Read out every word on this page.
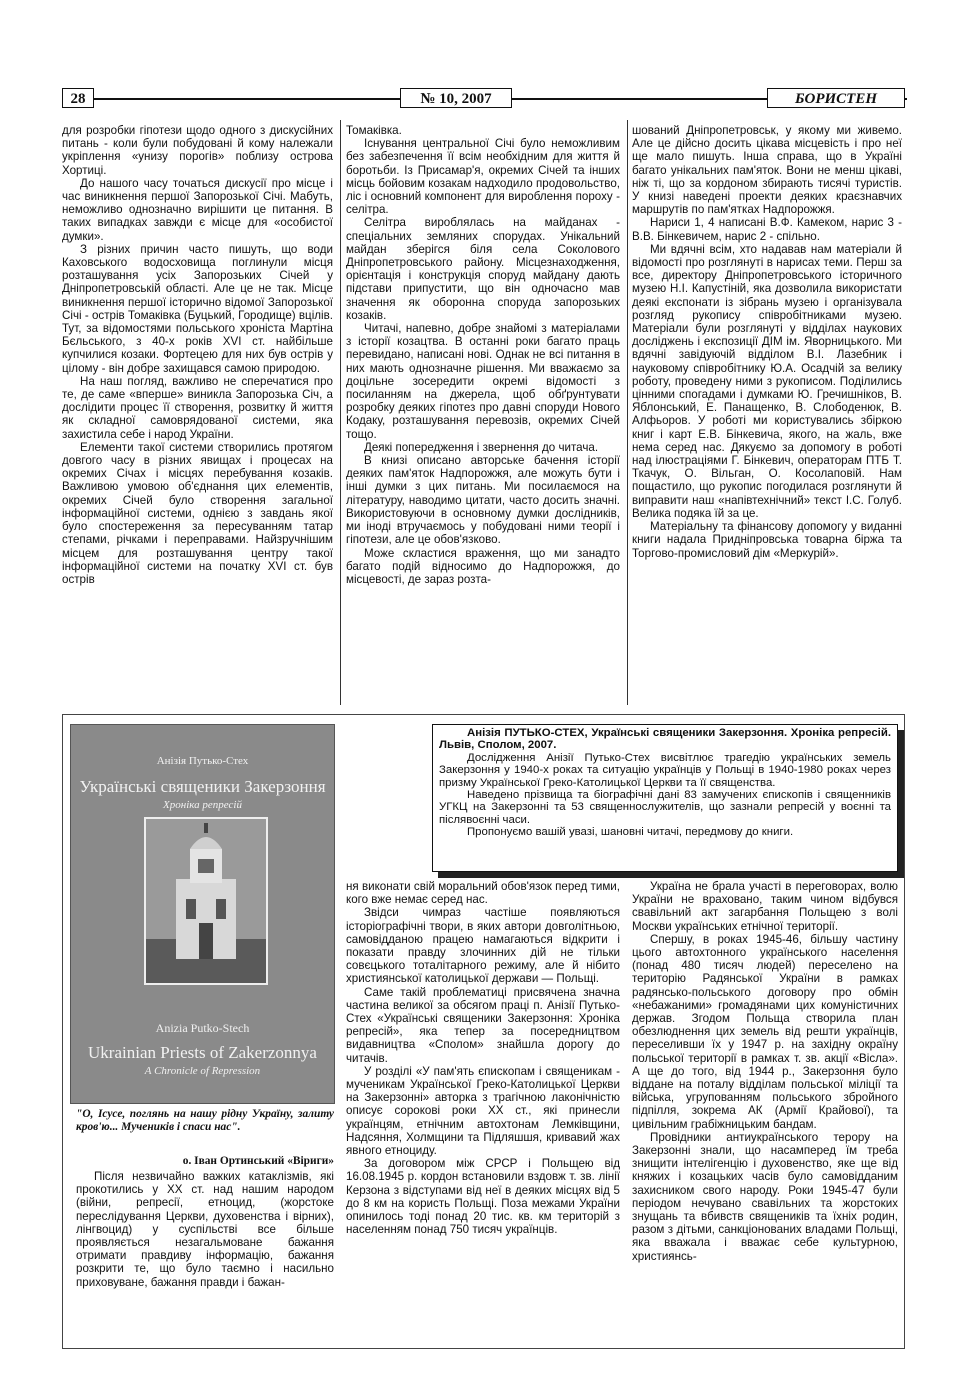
28	№ 10, 2007	БОРИСТЕН

для розробки гіпотези щодо одного з дискусійних питань - коли були побудовані й кому належали укріплення «унизу порогів» поблизу острова Хортиці.

До нашого часу точаться дискусії про місце і час виникнення першої Запорозької Січі. Мабуть, неможливо однозначно вирішити це питання. В таких випадках завжди є місце для «особистої думки».

З різних причин часто пишуть, що води Каховського водосховища поглинули місця розташування усіх Запорозьких Січей у Дніпропетровській області. Але це не так. Місце виникнення першої історично відомої Запорозької Січі - острів Томаківка (Буцький, Городище) вцілів. Тут, за відомостями польського хроніста Мартіна Бєльського, з 40-х років XVI ст. найбільше купчилися козаки. Фортецею для них був острів у цілому - він добре захищався самою природою.

На наш погляд, важливо не сперечатися про те, де саме «вперше» виникла Запорозька Січ, а дослідити процес її створення, розвитку й життя як складної самоврядованої системи, яка захистила себе і народ України.

Елементи такої системи створились протягом довгого часу в різних явищах і процесах на окремих Січах і місцях перебування козаків. Важливою умовою об'єднання цих елементів, окремих Січей було створення загальної інформаційної системи, однією з завдань якої було спостереження за пересуванням татар степами, річками і переправами. Найзручнішим місцем для розташування центру такої інформаційної системи на початку XVI ст. був острів

Томаківка.

Існування центральної Січі було неможливим без забезпечення її всім необхідним для життя й боротьби. Із Присамар'я, окремих Січей та інших місць бойовим козакам надходило продовольство, ліс і основний компонент для вироблення пороху - селітра.

Селітра вироблялась на майданах - спеціальних земляних спорудах. Унікальний майдан зберігся біля села Соколового Дніпропетровського району. Місцезнаходження, орієнтація і конструкція споруд майдану дають підстави припустити, що він одночасно мав значення як оборонна споруда запорозьких козаків.

Читачі, напевно, добре знайомі з матеріалами з історії козацтва. В останні роки багато праць перевидано, написані нові. Однак не всі питання в них мають однозначне рішення. Ми вважаємо за доцільне зосередити окремі відомості з посиланням на джерела, щоб обґрунтувати розробку деяких гіпотез про давні споруди Нового Кодаку, розташування перевозів, окремих Січей тощо.

Деякі попередження і звернення до читача.

В книзі описано авторське бачення історії деяких пам'яток Надпорожжя, але можуть бути і інші думки з цих питань. Ми посилаємося на літературу, наводимо цитати, часто досить значні. Використовуючи в основному думки дослідників, ми іноді втручаємось у побудовані ними теорії і гіпотези, але це обов'язково.

Може скластися враження, що ми занадто багато подій відносимо до Надпорожжя, до місцевості, де зараз розта-

шований Дніпропетровськ, у якому ми живемо. Але це дійсно досить цікава місцевість і про неї ще мало пишуть. Інша справа, що в Україні багато унікальних пам'яток. Вони не менш цікаві, ніж ті, що за кордоном збирають тисячі туристів. У книзі наведені проекти деяких краєзнавчих маршрутів по пам'ятках Надпорожжя.

Нариси 1, 4 написані В.Ф. Камеком, нарис 3 - В.В. Бінкевичем, нарис 2 - спільно.

Ми вдячні всім, хто надавав нам матеріали й відомості про розглянуті в нарисах теми. Перш за все, директору Дніпропетровського історичного музею Н.І. Капустіній, яка дозволила використати деякі експонати із зібрань музею і організувала розгляд рукопису співробітниками музею. Матеріали були розглянуті у відділах наукових досліджень і експозиції ДІМ ім. Яворницького. Ми вдячні завідуючій відділом В.І. Лазебник і науковому співробітнику Ю.А. Осадчій за велику роботу, проведену ними з рукописом. Поділились цінними спогадами і думками Ю. Гречишніков, В. Яблонський, Е. Панащенко, В. Слободенюк, В. Алфьоров. У роботі ми користувались збіркою книг і карт Е.В. Бінкевича, якого, на жаль, вже нема серед нас. Дякуємо за допомогу в роботі над ілюстраціями Г. Бінкевич, операторам ПТБ Т. Ткачук, О. Вільган, О. Косолаповій. Нам пощастило, що рукопис погодилася розглянути й виправити наш «напівтехнічний» текст І.С. Голуб. Велика подяка їй за це.

Матеріальну та фінансову допомогу у виданні книги надала Придніпровська товарна біржа та Торгово-промисловий дім «Меркурій».

Анізія Путько-Стех
Українські священики Закерзоння
Хроніка репресій
Anizia Putko-Stech
Ukrainian Priests of Zakerzonnya
A Chronicle of Repression

Анізія ПУТЬКО-СТЕХ, Українські священики Закерзоння. Хроніка репресій. Львів, Сполом, 2007.

Дослідження Анізії Путько-Стех висвітлює трагедію українських земель Закерзоння у 1940-х роках та ситуацію українців у Польщі в 1940-1980 роках через призму Української Греко-Католицької Церкви та її священства.

Наведено прізвища та біографічні дані 83 замучених єпископів і священників УГКЦ на Закерзонні та 53 священнослужителів, що зазнали репресій у воєнні та післявоєнні часи.

Пропонуємо вашій увазі, шановні читачі, передмову до книги.

"О, Ісусе, поглянь на нашу рідну Україну, залиту кров'ю... Мучеників і спаси нас".
о. Іван Ортинський «Віриги»

Після незвичайно важких катаклізмів, які прокотились у XX ст. над нашим народом (війни, репресії, етноцид, (жорстоке переслідування Церкви, духовенства і вірних), лінгвоцид) у суспільстві все більше проявляється незагальмоване бажання отримати правдиву інформацію, бажання розкрити те, що було таємно і насильно приховуване, бажання правди і бажан-

ня виконати свій моральний обов'язок перед тими, кого вже немає серед нас.

Звідси чимраз частіше появляються історіографічні твори, в яких автори довголітньою, самовідданою працею намагаються відкрити і показати правду злочинних дій не тільки совєцького тоталітарного режиму, але й нібито християнської католицької держави — Польщі.

Саме такій проблематиці присвячена значна частина великої за обсягом праці п. Анізії Путько-Стех «Українські священики Закерзоння: Хроніка репресій», яка тепер за посередництвом видавництва «Сполом» знайшла дорогу до читачів.

У розділі «У пам'ять єпископам і священикам - мученикам Української Греко-Католицької Церкви на Закерзонні» авторка з трагічною лаконічністю описує сорокові роки XX ст., які принесли українцям, етнічним автохтонам Лемківщини, Надсяння, Холмщини та Підляшшя, кривавий жах явного етноциду.

За договором між СРСР і Польщею від 16.08.1945 р. кордон встановили вздовж т. зв. лінії Керзона з відступами від неї в деяких місцях від 5 до 8 км на користь Польщі. Поза межами України опинилось тоді понад 20 тис. кв. км територій з населенням понад 750 тисяч українців.

Україна не брала участі в переговорах, волю України не враховано, таким чином відбувся свавільний акт загарбання Польщею з волі Москви українських етнічної території.

Спершу, в роках 1945-46, більшу частину цього автохтонного українського населення (понад 480 тисяч людей) переселено на територію Радянської України в рамках радянсько-польського договору про обмін «небажаними» громадянами цих комуністичних держав. Згодом Польща створила план обезлюднення цих земель від решти українців, переселивши їх у 1947 р. на західну окраїну польської території в рамках т. зв. акції «Вісла». А ще до того, від 1944 р., Закерзоння було віддане на поталу відділам польської міліції та війська, угрупованням польського збройного підпілля, зокрема АК (Армії Крайової), та цивільним грабіжницьким бандам.

Провідники антиукраїнського терору на Закерзонні знали, що насамперед їм треба знищити інтелігенцію і духовенство, яке ще від княжих і козацьких часів було самовідданим захисником свого народу. Роки 1945-47 були періодом нечувано свавільних та жорстоких знущань та вбивств священиків та їхніх родин, разом з дітьми, санкціонованих владами Польщі, яка вважала і вважає себе культурною, християнсь-
